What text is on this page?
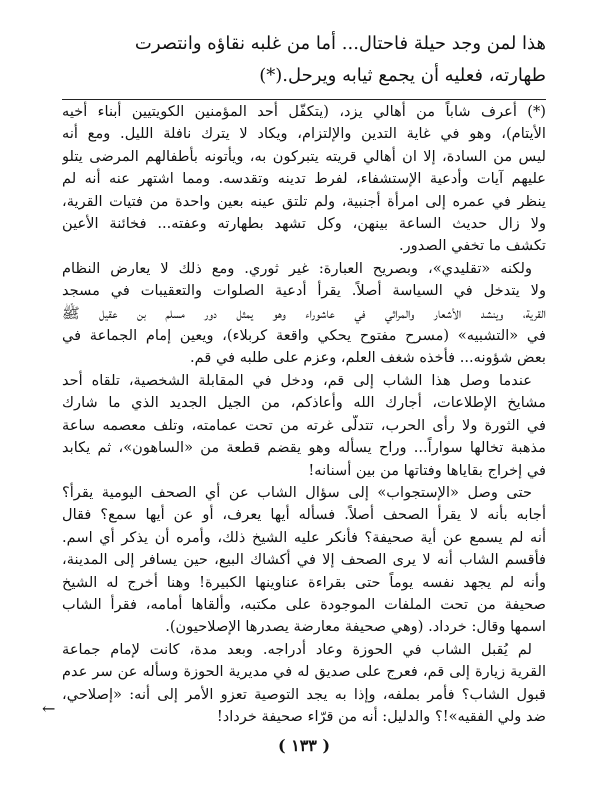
هذا لمن وجد حيلة فاحتال... أما من غلبه نقاؤه وانتصرت

طهارته، فعليه أن يجمع ثيابه ويرحل.(*)

(*) أعرف شاباً من أهالي يزد، (يتكفّل أحد المؤمنين الكويتيين أبناء أخيه

الأيتام)، وهو في غاية التدين والإلتزام، ويكاد لا يترك نافلة الليل. ومع أنه

ليس من السادة، إلا ان أهالي قريته يتبركون به، ويأتونه بأطفالهم المرضى يتلو

عليهم آيات وأدعية الإستشفاء، لفرط تدينه وتقدسه. ومما اشتهر عنه أنه لم

ينظر في عمره إلى امرأة أجنبية، ولم تلتق عينه بعين واحدة من فتيات القرية،

ولا زال حديث الساعة بينهن، وكل تشهد بطهارته وعفته... فخائنة الأعين

تكشف ما تخفي الصدور.

ولكنه «تقليدي»، وبصريح العبارة: غير ثوري. ومع ذلك لا يعارض النظام

ولا يتدخل في السياسة أصلاً. يقرأ أدعية الصلوات والتعقيبات في مسجد

القرية، وينشد الأشعار والمراثي في عاشوراء وهو يمثل دور مسلم بن عقيل ﷺ

في «التشبيه» (مسرح مفتوح يحكي واقعة كربلاء)، ويعين إمام الجماعة في

بعض شؤونه... فأخذه شغف العلم، وعزم على طلبه في قم.

عندما وصل هذا الشاب إلى قم، ودخل في المقابلة الشخصية، تلقاه أحد

مشايخ الإطلاعات، أجارك الله وأعاذكم، من الجيل الجديد الذي ما شارك

في الثورة ولا رأى الحرب، تتدلّى غرته من تحت عمامته، وتلف معصمه ساعة

مذهبة تخالها سواراً... وراح يسأله وهو يقضم قطعة من «الساهون»، ثم يكابد

في إخراج بقاياها وفتاتها من بين أسنانه!

حتى وصل «الإستجواب» إلى سؤال الشاب عن أي الصحف اليومية يقرأ؟

أجابه بأنه لا يقرأ الصحف أصلاً. فسأله أيها يعرف، أو عن أيها سمع؟ فقال

أنه لم يسمع عن أية صحيفة؟ فأنكر عليه الشيخ ذلك، وأمره أن يذكر أي اسم.

فأقسم الشاب أنه لا يرى الصحف إلا في أكشاك البيع، حين يسافر إلى المدينة،

وأنه لم يجهد نفسه يوماً حتى بقراءة عناوينها الكبيرة! وهنا أخرج له الشيخ

صحيفة من تحت الملفات الموجودة على مكتبه، وألقاها أمامه، فقرأ الشاب

اسمها وقال: خرداد. (وهي صحيفة معارضة يصدرها الإصلاحيون).

لم يُقبل الشاب في الحوزة وعاد أدراجه. وبعد مدة، كانت لإمام جماعة

القرية زيارة إلى قم، فعرج على صديق له في مديرية الحوزة وسأله عن سر عدم

قبول الشاب؟ فأمر بملفه، وإذا به يجد التوصية تعزو الأمر إلى أنه: «إصلاحي،

ضد ولي الفقيه»!؟ والدليل: أنه من قرّاء صحيفة خرداد!

←
( ١٣٣ )
